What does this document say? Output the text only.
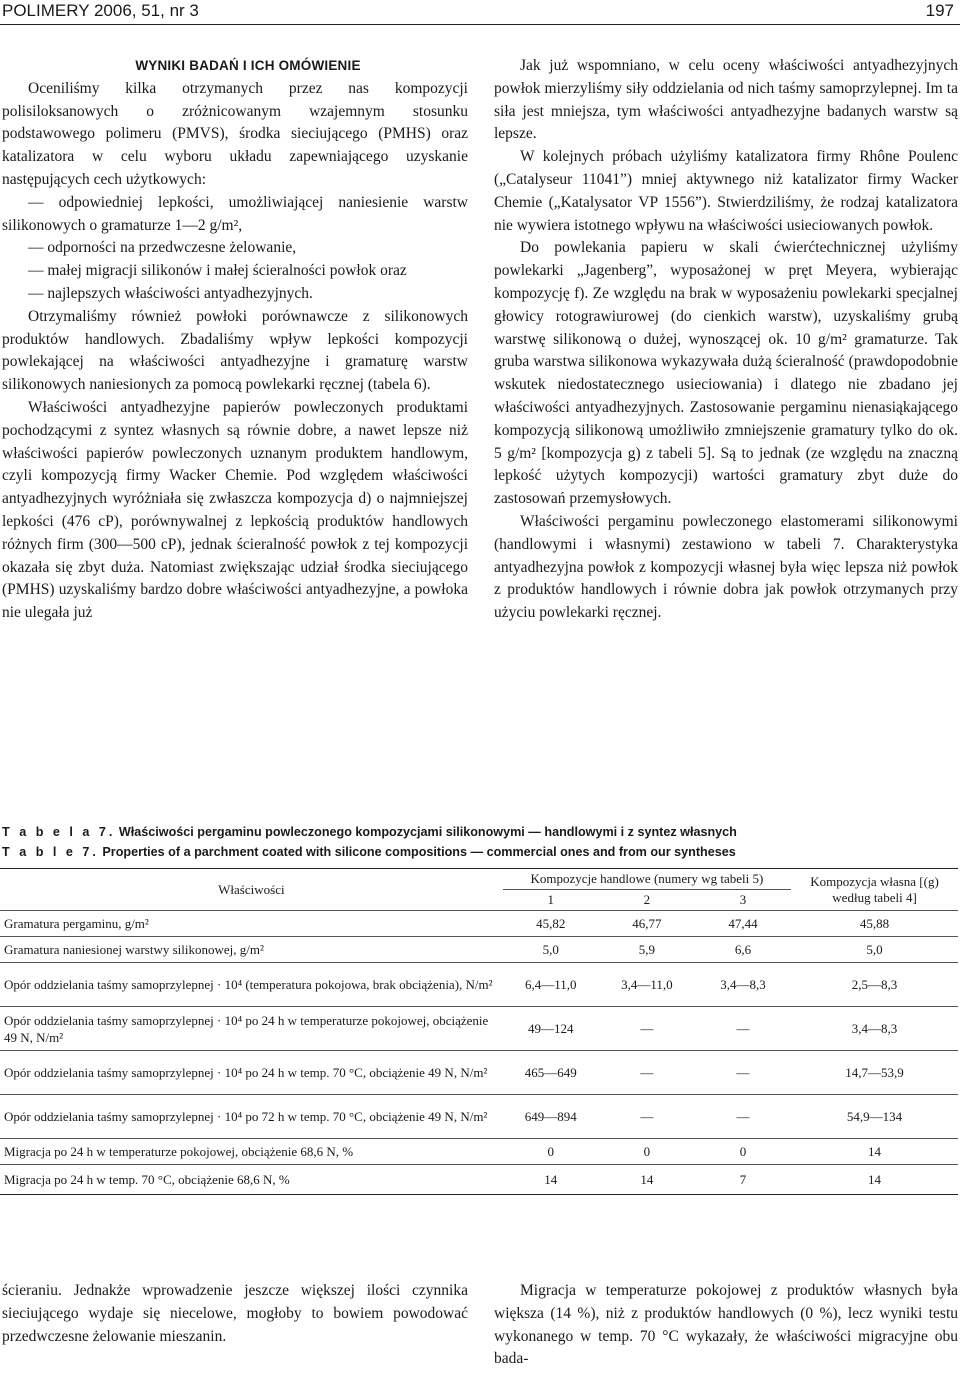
POLIMERY 2006, 51, nr 3	197

WYNIKI BADAŃ I ICH OMÓWIENIE

Oceniliśmy kilka otrzymanych przez nas kompozycji polisiloksanowych o zróżnicowanym wzajemnym stosunku podstawowego polimeru (PMVS), środka sieciującego (PMHS) oraz katalizatora w celu wyboru układu zapewniającego uzyskanie następujących cech użytkowych:

— odpowiedniej lepkości, umożliwiającej naniesienie warstw silikonowych o gramaturze 1—2 g/m²,

— odporności na przedwczesne żelowanie,

— małej migracji silikonów i małej ścieralności powłok oraz

— najlepszych właściwości antyadhezyjnych.

Otrzymaliśmy również powłoki porównawcze z silikonowych produktów handlowych. Zbadaliśmy wpływ lepkości kompozycji powlekającej na właściwości antyadhezyjne i gramaturę warstw silikonowych naniesionych za pomocą powlekarki ręcznej (tabela 6).

Właściwości antyadhezyjne papierów powleczonych produktami pochodzącymi z syntez własnych są równie dobre, a nawet lepsze niż właściwości papierów powleczonych uznanym produktem handlowym, czyli kompozycją firmy Wacker Chemie. Pod względem właściwości antyadhezyjnych wyróżniała się zwłaszcza kompozycja d) o najmniejszej lepkości (476 cP), porównywalnej z lepkością produktów handlowych różnych firm (300—500 cP), jednak ścieralność powłok z tej kompozycji okazała się zbyt duża. Natomiast zwiększając udział środka sieciującego (PMHS) uzyskaliśmy bardzo dobre właściwości antyadhezyjne, a powłoka nie ulegała już

Jak już wspomniano, w celu oceny właściwości antyadhezyjnych powłok mierzyliśmy siły oddzielania od nich taśmy samoprzylepnej. Im ta siła jest mniejsza, tym właściwości antyadhezyjne badanych warstw są lepsze.

W kolejnych próbach użyliśmy katalizatora firmy Rhône Poulenc („Catalyseur 11041”) mniej aktywnego niż katalizator firmy Wacker Chemie („Katalysator VP 1556”). Stwierdziliśmy, że rodzaj katalizatora nie wywiera istotnego wpływu na właściwości usieciowanych powłok.

Do powlekania papieru w skali ćwierćtechnicznej użyliśmy powlekarki „Jagenberg”, wyposażonej w pręt Meyera, wybierając kompozycję f). Ze względu na brak w wyposażeniu powlekarki specjalnej głowicy rotograwiurowej (do cienkich warstw), uzyskaliśmy grubą warstwę silikonową o dużej, wynoszącej ok. 10 g/m² gramaturze. Tak gruba warstwa silikonowa wykazywała dużą ścieralność (prawdopodobnie wskutek niedostatecznego usieciowania) i dlatego nie zbadano jej właściwości antyadhezyjnych. Zastosowanie pergaminu nienasiąkającego kompozycją silikonową umożliwiło zmniejszenie gramatury tylko do ok. 5 g/m² [kompozycja g) z tabeli 5]. Są to jednak (ze względu na znaczną lepkość użytych kompozycji) wartości gramatury zbyt duże do zastosowań przemysłowych.

Właściwości pergaminu powleczonego elastomerami silikonowymi (handlowymi i własnymi) zestawiono w tabeli 7. Charakterystyka antyadhezyjna powłok z kompozycji własnej była więc lepsza niż powłok z produktów handlowych i równie dobra jak powłok otrzymanych przy użyciu powlekarki ręcznej.

T a b e l a 7. Właściwości pergaminu powleczonego kompozycjami silikonowymi — handlowymi i z syntez własnych
T a b l e 7. Properties of a parchment coated with silicone compositions — commercial ones and from our syntheses
Właściwości	Kompozycje handlowe (numery wg tabeli 5)			Kompozycja własna [(g) według tabeli 4]
	1	2	3	
Gramatura pergaminu, g/m²	45,82	46,77	47,44	45,88
Gramatura naniesionej warstwy silikonowej, g/m²	5,0	5,9	6,6	5,0
Opór oddzielania taśmy samoprzylepnej · 10⁴ (temperatura pokojowa, brak obciążenia), N/m²	6,4—11,0	3,4—11,0	3,4—8,3	2,5—8,3
Opór oddzielania taśmy samoprzylepnej · 10⁴ po 24 h w temperaturze pokojowej, obciążenie 49 N, N/m²	49—124	—	—	3,4—8,3
Opór oddzielania taśmy samoprzylepnej · 10⁴ po 24 h w temp. 70 °C, obciążenie 49 N, N/m²	465—649	—	—	14,7—53,9
Opór oddzielania taśmy samoprzylepnej · 10⁴ po 72 h w temp. 70 °C, obciążenie 49 N, N/m²	649—894	—	—	54,9—134
Migracja po 24 h w temperaturze pokojowej, obciążenie 68,6 N, %	0	0	0	14
Migracja po 24 h w temp. 70 °C, obciążenie 68,6 N, %	14	14	7	14

ścieraniu. Jednakże wprowadzenie jeszcze większej ilości czynnika sieciującego wydaje się niecelowe, mogłoby to bowiem powodować przedwczesne żelowanie mieszanin.

Migracja w temperaturze pokojowej z produktów własnych była większa (14 %), niż z produktów handlowych (0 %), lecz wyniki testu wykonanego w temp. 70 °C wykazały, że właściwości migracyjne obu bada-
